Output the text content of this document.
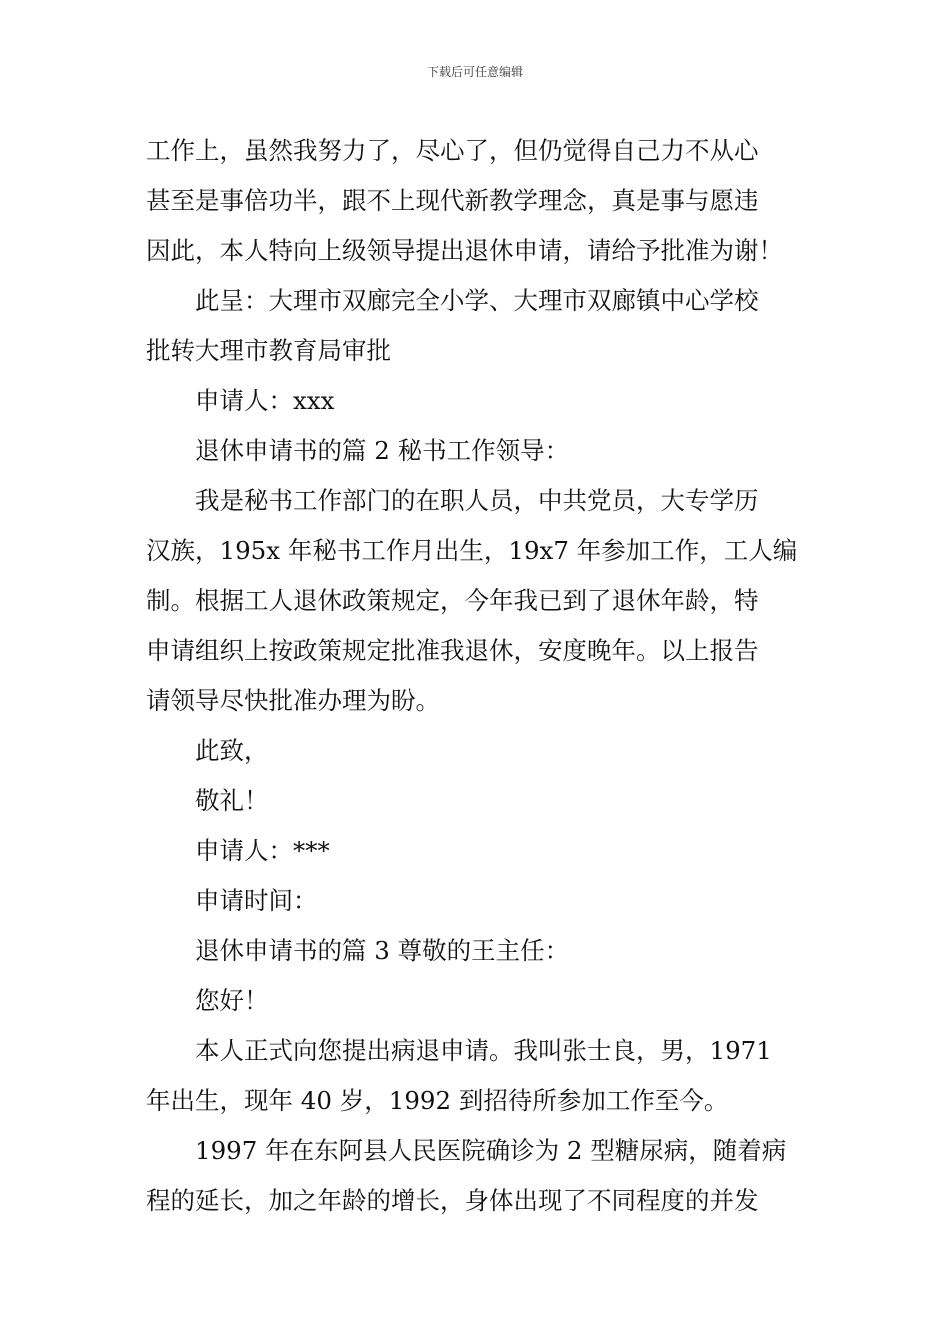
下载后可任意编辑
工作上，虽然我努力了，尽心了，但仍觉得自己力不从心
甚至是事倍功半，跟不上现代新教学理念，真是事与愿违
因此，本人特向上级领导提出退休申请，请给予批准为谢！
此呈：大理市双廊完全小学、大理市双廊镇中心学校
批转大理市教育局审批
申请人：xxx
退休申请书的篇 2 秘书工作领导：
我是秘书工作部门的在职人员，中共党员，大专学历
汉族，195x 年秘书工作月出生，19x7 年参加工作，工人编
制。根据工人退休政策规定，今年我已到了退休年龄，特
申请组织上按政策规定批准我退休，安度晚年。以上报告
请领导尽快批准办理为盼。
此致，
敬礼！
申请人：***
申请时间：
退休申请书的篇 3 尊敬的王主任：
您好！
本人正式向您提出病退申请。我叫张士良，男，1971
年出生，现年 40 岁，1992 到招待所参加工作至今。
1997 年在东阿县人民医院确诊为 2 型糖尿病，随着病
程的延长，加之年龄的增长，身体出现了不同程度的并发
